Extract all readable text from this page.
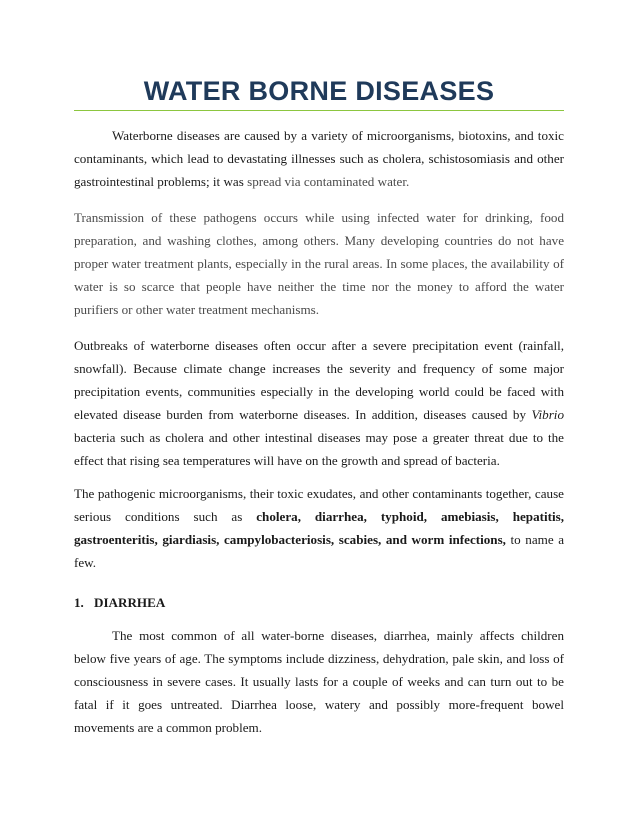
WATER BORNE DISEASES

Waterborne diseases are caused by a variety of microorganisms, biotoxins, and toxic contaminants, which lead to devastating illnesses such as cholera, schistosomiasis and other gastrointestinal problems; it was spread via contaminated water.

Transmission of these pathogens occurs while using infected water for drinking, food preparation, and washing clothes, among others. Many developing countries do not have proper water treatment plants, especially in the rural areas. In some places, the availability of water is so scarce that people have neither the time nor the money to afford the water purifiers or other water treatment mechanisms.

Outbreaks of waterborne diseases often occur after a severe precipitation event (rainfall, snowfall). Because climate change increases the severity and frequency of some major precipitation events, communities especially in the developing world could be faced with elevated disease burden from waterborne diseases. In addition, diseases caused by Vibrio bacteria such as cholera and other intestinal diseases may pose a greater threat due to the effect that rising sea temperatures will have on the growth and spread of bacteria.

The pathogenic microorganisms, their toxic exudates, and other contaminants together, cause serious conditions such as cholera, diarrhea, typhoid, amebiasis, hepatitis, gastroenteritis, giardiasis, campylobacteriosis, scabies, and worm infections, to name a few.

1. DIARRHEA

The most common of all water-borne diseases, diarrhea, mainly affects children below five years of age. The symptoms include dizziness, dehydration, pale skin, and loss of consciousness in severe cases. It usually lasts for a couple of weeks and can turn out to be fatal if it goes untreated. Diarrhea loose, watery and possibly more-frequent bowel movements are a common problem.
